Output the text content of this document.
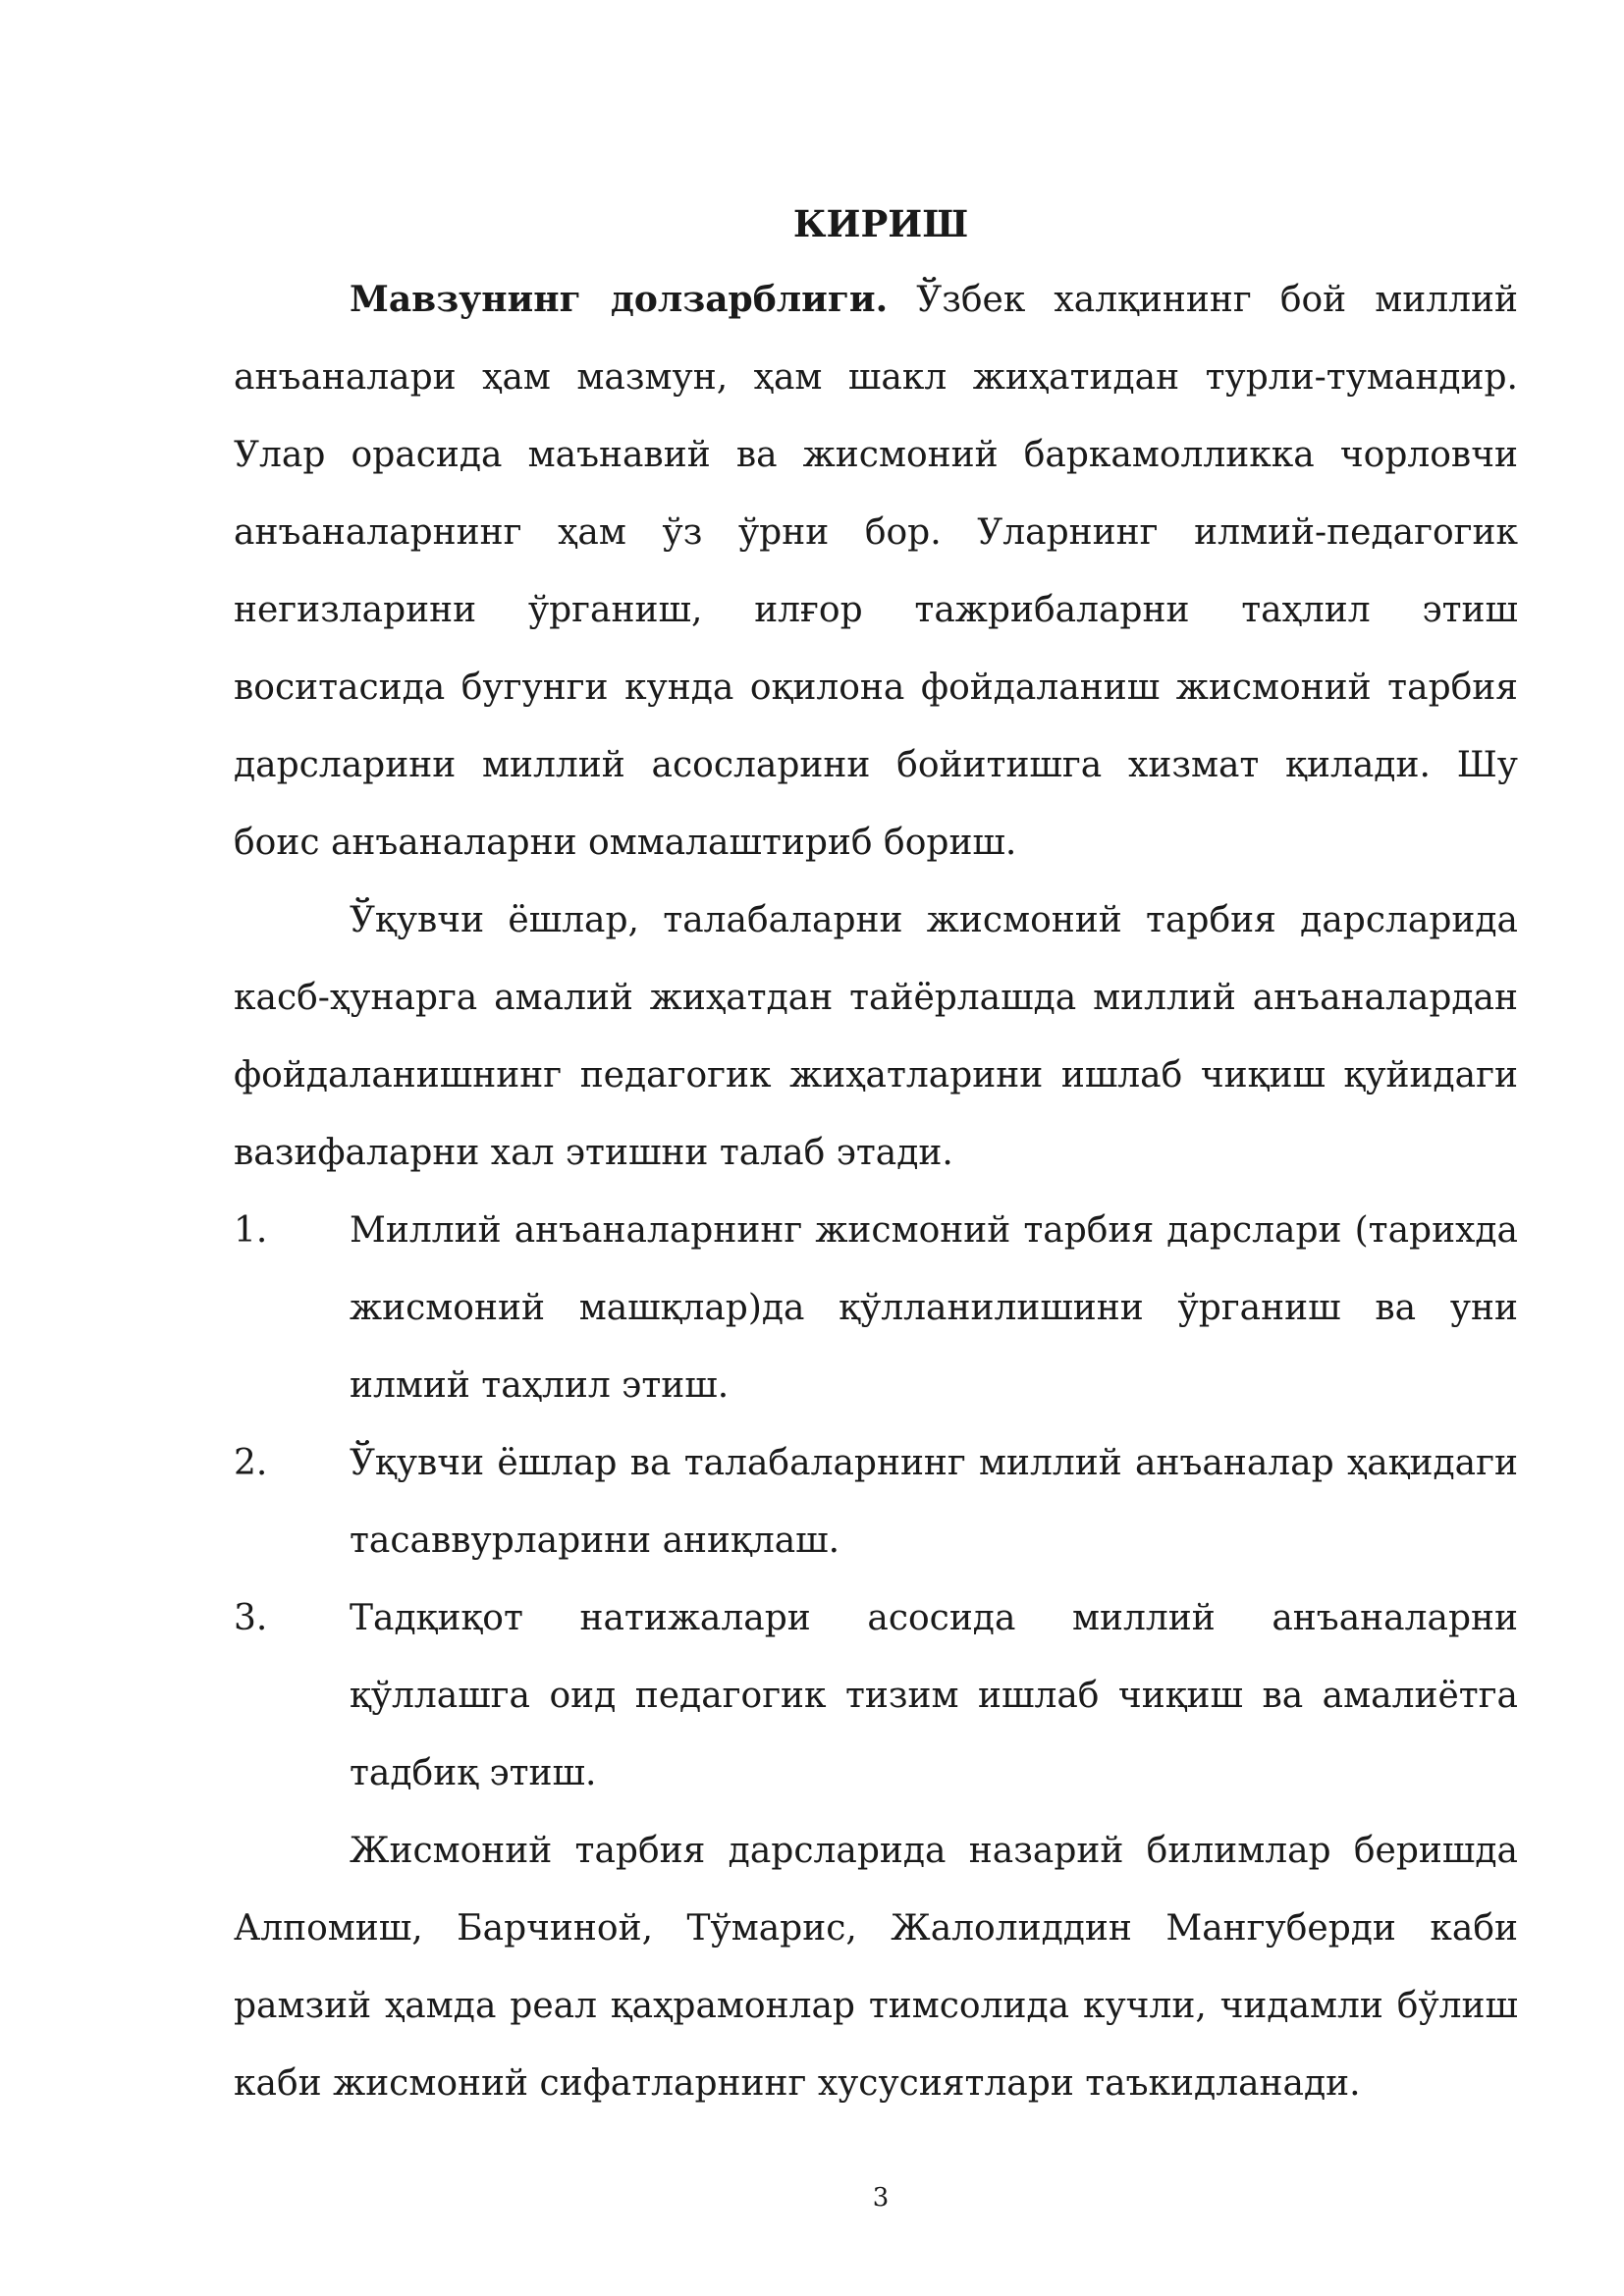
КИРИШ

Мавзунинг долзарблиги. Ўзбек халқининг бой миллий анъаналари ҳам мазмун, ҳам шакл жиҳатидан турли-тумандир. Улар орасида маънавий ва жисмоний баркамолликка чорловчи анъаналарнинг ҳам ўз ўрни бор. Уларнинг илмий-педагогик негизларини ўрганиш, илғор тажрибаларни таҳлил этиш воситасида бугунги кунда оқилона фойдаланиш жисмоний тарбия дарсларини миллий асосларини бойитишга хизмат қилади. Шу боис анъаналарни оммалаштириб бориш.

Ўқувчи ёшлар, талабаларни жисмоний тарбия дарсларида касб-ҳунарга амалий жиҳатдан тайёрлашда миллий анъаналардан фойдаланишнинг педагогик жиҳатларини ишлаб чиқиш қуйидаги вазифаларни хал этишни талаб этади.

1. Миллий анъаналарнинг жисмоний тарбия дарслари (тарихда жисмоний машқлар)да қўлланилишини ўрганиш ва уни илмий таҳлил этиш.
2. Ўқувчи ёшлар ва талабаларнинг миллий анъаналар ҳақидаги тасаввурларини аниқлаш.
3. Тадқиқот натижалари асосида миллий анъаналарни қўллашга оид педагогик тизим ишлаб чиқиш ва амалиётга тадбиқ этиш.

Жисмоний тарбия дарсларида назарий билимлар беришда Алпомиш, Барчиной, Тўмарис, Жалолиддин Мангуберди каби рамзий ҳамда реал қаҳрамонлар тимсолида кучли, чидамли бўлиш каби жисмоний сифатларнинг хусусиятлари таъкидланади.

3
